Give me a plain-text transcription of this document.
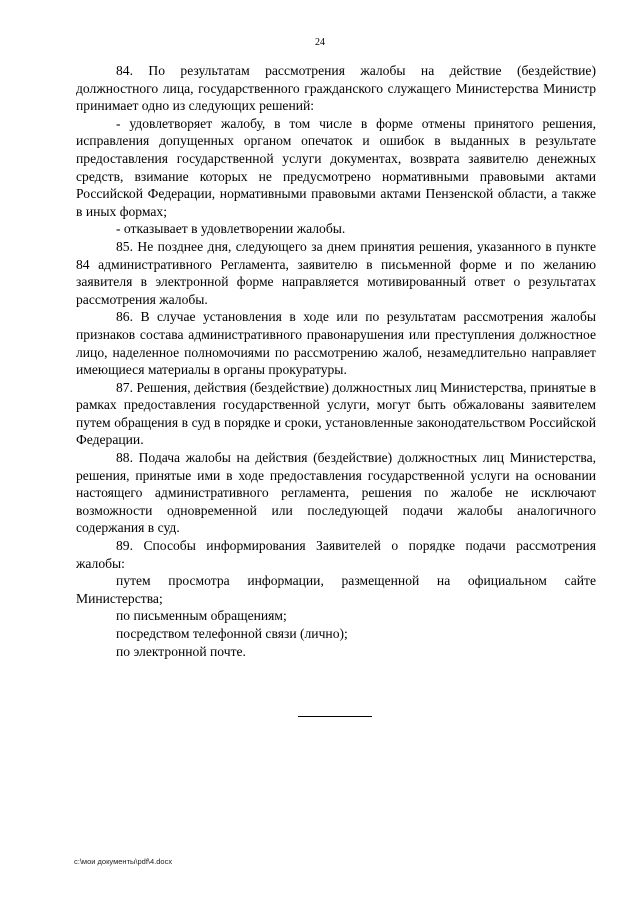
24

84. По результатам рассмотрения жалобы на действие (бездействие) должностного лица, государственного гражданского служащего Министерства Министр принимает одно из следующих решений:

- удовлетворяет жалобу, в том числе в форме отмены принятого решения, исправления допущенных органом опечаток и ошибок в выданных в результате предоставления государственной услуги документах, возврата заявителю денежных средств, взимание которых не предусмотрено нормативными правовыми актами Российской Федерации, нормативными правовыми актами Пензенской области, а также в иных формах;

- отказывает в удовлетворении жалобы.

85. Не позднее дня, следующего за днем принятия решения, указанного в пункте 84 административного Регламента, заявителю в письменной форме и по желанию заявителя в электронной форме направляется мотивированный ответ о результатах рассмотрения жалобы.

86. В случае установления в ходе или по результатам рассмотрения жалобы признаков состава административного правонарушения или преступления должностное лицо, наделенное полномочиями по рассмотрению жалоб, незамедлительно направляет имеющиеся материалы в органы прокуратуры.

87. Решения, действия (бездействие) должностных лиц Министерства, принятые в рамках предоставления государственной услуги, могут быть обжалованы заявителем путем обращения в суд в порядке и сроки, установленные законодательством Российской Федерации.

88. Подача жалобы на действия (бездействие) должностных лиц Министерства, решения, принятые ими в ходе предоставления государственной услуги на основании настоящего административного регламента, решения по жалобе не исключают возможности одновременной или последующей подачи жалобы аналогичного содержания в суд.

89. Способы информирования Заявителей о порядке подачи рассмотрения жалобы:

путем просмотра информации, размещенной на официальном сайте Министерства;

по письменным обращениям;

посредством телефонной связи (лично);

по электронной почте.

c:\мои документы\pdf\4.docx
